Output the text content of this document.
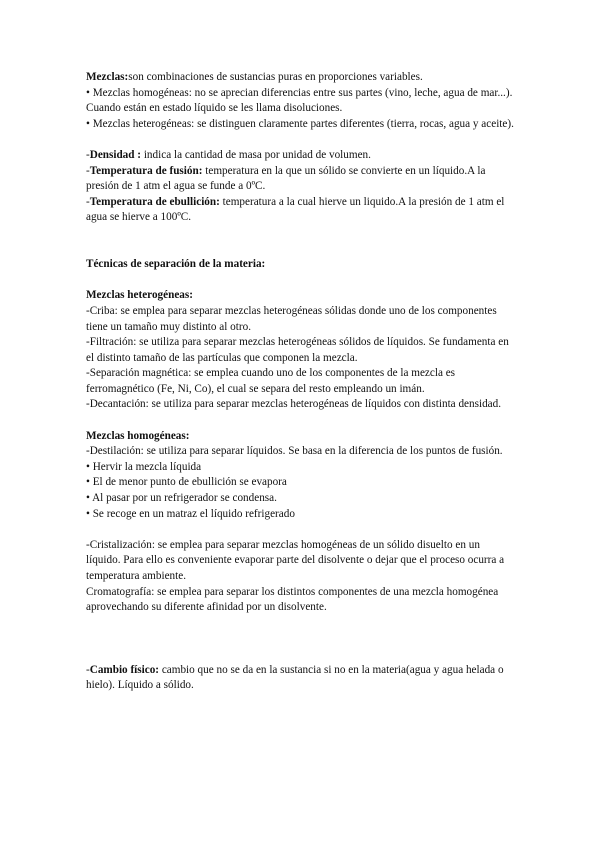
Mezclas:son combinaciones de sustancias puras en proporciones variables.

• Mezclas homogéneas: no se aprecian diferencias entre sus partes (vino, leche, agua de mar...). Cuando están en estado líquido se les llama disoluciones.

• Mezclas heterogéneas: se distinguen claramente partes diferentes (tierra, rocas, agua y aceite).

-Densidad : indica la cantidad de masa por unidad de volumen.

-Temperatura de fusión: temperatura en la que un sólido se convierte en un líquido.A la presión de 1 atm el agua se funde a 0ºC.

-Temperatura de ebullición: temperatura a la cual hierve un liquido.A la presión de 1 atm el agua se hierve a 100ºC.

Técnicas de separación de la materia:

Mezclas heterogéneas:

-Criba: se emplea para separar mezclas heterogéneas sólidas donde uno de los componentes tiene un tamaño muy distinto al otro.

-Filtración: se utiliza para separar mezclas heterogéneas sólidos de líquidos. Se fundamenta en el distinto tamaño de las partículas que componen la mezcla.

-Separación magnética: se emplea cuando uno de los componentes de la mezcla es ferromagnético (Fe, Ni, Co), el cual se separa del resto empleando un imán.

-Decantación: se utiliza para separar mezclas heterogéneas de líquidos con distinta densidad.

Mezclas homogéneas:

-Destilación: se utiliza para separar líquidos. Se basa en la diferencia de los puntos de fusión.

• Hervir la mezcla líquida

• El de menor punto de ebullición se evapora

• Al pasar por un refrigerador se condensa.

• Se recoge en un matraz el líquido refrigerado

-Cristalización: se emplea para separar mezclas homogéneas de un sólido disuelto en un líquido. Para ello es conveniente evaporar parte del disolvente o dejar que el proceso ocurra a temperatura ambiente.

Cromatografía: se emplea para separar los distintos componentes de una mezcla homogénea aprovechando su diferente afinidad por un disolvente.

-Cambio físico: cambio que no se da en la sustancia si no en la materia(agua y agua helada o hielo). Líquido a sólido.
